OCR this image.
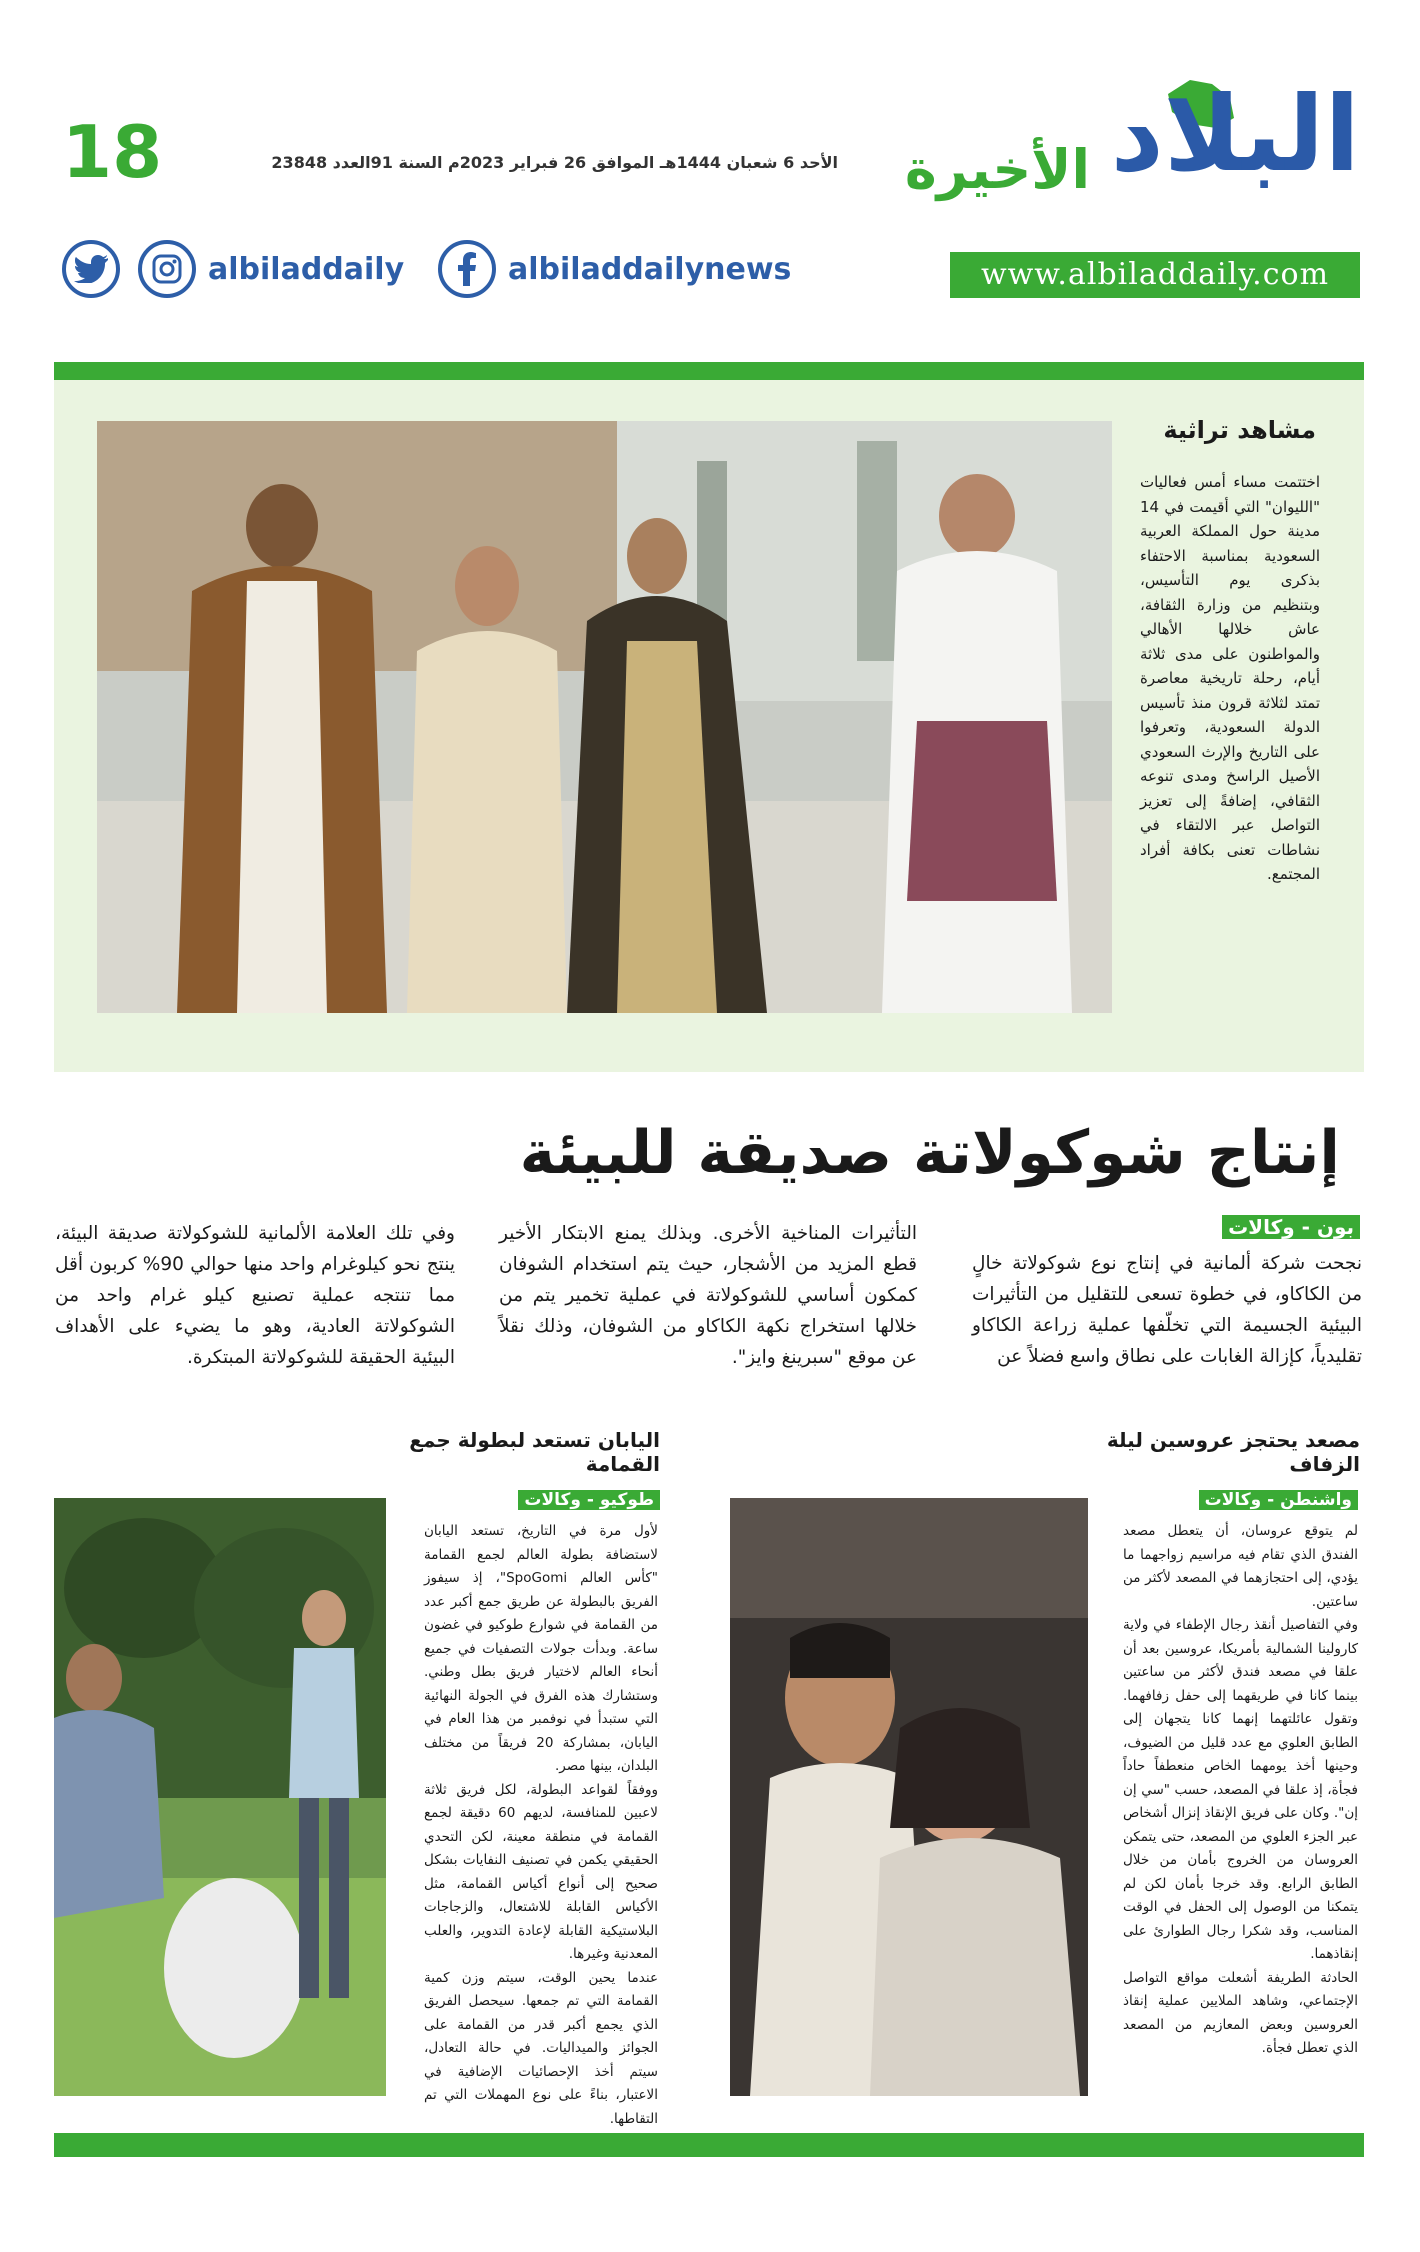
البلاد
الأخيرة
18	الأحد 6 شعبان 1444هـ الموافق 26 فبراير 2023م السنة 91العدد 23848
www.albiladdaily.com
albiladdailynews
albiladdaily
مشاهد تراثية
اختتمت مساء أمس فعاليات "الليوان" التي أقيمت في 14 مدينة حول المملكة العربية السعودية بمناسبة الاحتفاء بذكرى يوم التأسيس، وبتنظيم من وزارة الثقافة، عاش خلالها الأهالي والمواطنون على مدى ثلاثة أيام، رحلة تاريخية معاصرة تمتد لثلاثة قرون منذ تأسيس الدولة السعودية، وتعرفوا على التاريخ والإرث السعودي الأصيل الراسخ ومدى تنوعه الثقافي، إضافةً إلى تعزيز التواصل عبر الالتقاء في نشاطات تعنى بكافة أفراد المجتمع.
إنتاج شوكولاتة صديقة للبيئة
بون - وكالات
نجحت شركة ألمانية في إنتاج نوع شوكولاتة خالٍ من الكاكاو، في خطوة تسعى للتقليل من التأثيرات البيئية الجسيمة التي تخلّفها عملية زراعة الكاكاو تقليدياً، كإزالة الغابات على نطاق واسع فضلاً عن
التأثيرات المناخية الأخرى. وبذلك يمنع الابتكار الأخير قطع المزيد من الأشجار، حيث يتم استخدام الشوفان كمكون أساسي للشوكولاتة في عملية تخمير يتم من خلالها استخراج نكهة الكاكاو من الشوفان، وذلك نقلاً عن موقع "سبرينغ وايز".
وفي تلك العلامة الألمانية للشوكولاتة صديقة البيئة، ينتج نحو كيلوغرام واحد منها حوالي 90% كربون أقل مما تنتجه عملية تصنيع كيلو غرام واحد من الشوكولاتة العادية، وهو ما يضيء على الأهداف البيئية الحقيقة للشوكولاتة المبتكرة.
مصعد يحتجز عروسين ليلة الزفاف
واشنطن - وكالات
لم يتوقع عروسان، أن يتعطل مصعد الفندق الذي تقام فيه مراسيم زواجهما ما يؤدي، إلى احتجازهما في المصعد لأكثر من ساعتين.
وفي التفاصيل أنقذ رجال الإطفاء في ولاية كارولينا الشمالية بأمريكا، عروسين بعد أن علقا في مصعد فندق لأكثر من ساعتين بينما كانا في طريقهما إلى حفل زفافهما. وتقول عائلتهما إنهما كانا يتجهان إلى الطابق العلوي مع عدد قليل من الضيوف، وحينها أخذ يومهما الخاص منعطفاً حاداً فجأة، إذ علقا في المصعد، حسب "سي إن إن". وكان على فريق الإنقاذ إنزال أشخاص عبر الجزء العلوي من المصعد، حتى يتمكن العروسان من الخروج بأمان من خلال الطابق الرابع. وقد خرجا بأمان لكن لم يتمكنا من الوصول إلى الحفل في الوقت المناسب، وقد شكرا رجال الطوارئ على إنقاذهما.
الحادثة الطريفة أشعلت مواقع التواصل الإجتماعي، وشاهد الملايين عملية إنقاذ العروسين وبعض المعازيم من المصعد الذي تعطل فجأة.
اليابان تستعد لبطولة جمع القمامة
طوكيو - وكالات
لأول مرة في التاريخ، تستعد اليابان لاستضافة بطولة العالم لجمع القمامة "كأس العالم SpoGomi"، إذ سيفوز الفريق بالبطولة عن طريق جمع أكبر عدد من القمامة في شوارع طوكيو في غضون ساعة. وبدأت جولات التصفيات في جميع أنحاء العالم لاختيار فريق بطل وطني. وستشارك هذه الفرق في الجولة النهائية التي ستبدأ في نوفمبر من هذا العام في اليابان، بمشاركة 20 فريقاً من مختلف البلدان، بينها مصر.
ووفقاً لقواعد البطولة، لكل فريق ثلاثة لاعبين للمنافسة، لديهم 60 دقيقة لجمع القمامة في منطقة معينة، لكن التحدي الحقيقي يكمن في تصنيف النفايات بشكل صحيح إلى أنواع أكياس القمامة، مثل الأكياس القابلة للاشتعال، والزجاجات البلاستيكية القابلة لإعادة التدوير، والعلب المعدنية وغيرها.
عندما يحين الوقت، سيتم وزن كمية القمامة التي تم جمعها. سيحصل الفريق الذي يجمع أكبر قدر من القمامة على الجوائز والميداليات. في حالة التعادل، سيتم أخذ الإحصائيات الإضافية في الاعتبار، بناءً على نوع المهملات التي تم التقاطها.
